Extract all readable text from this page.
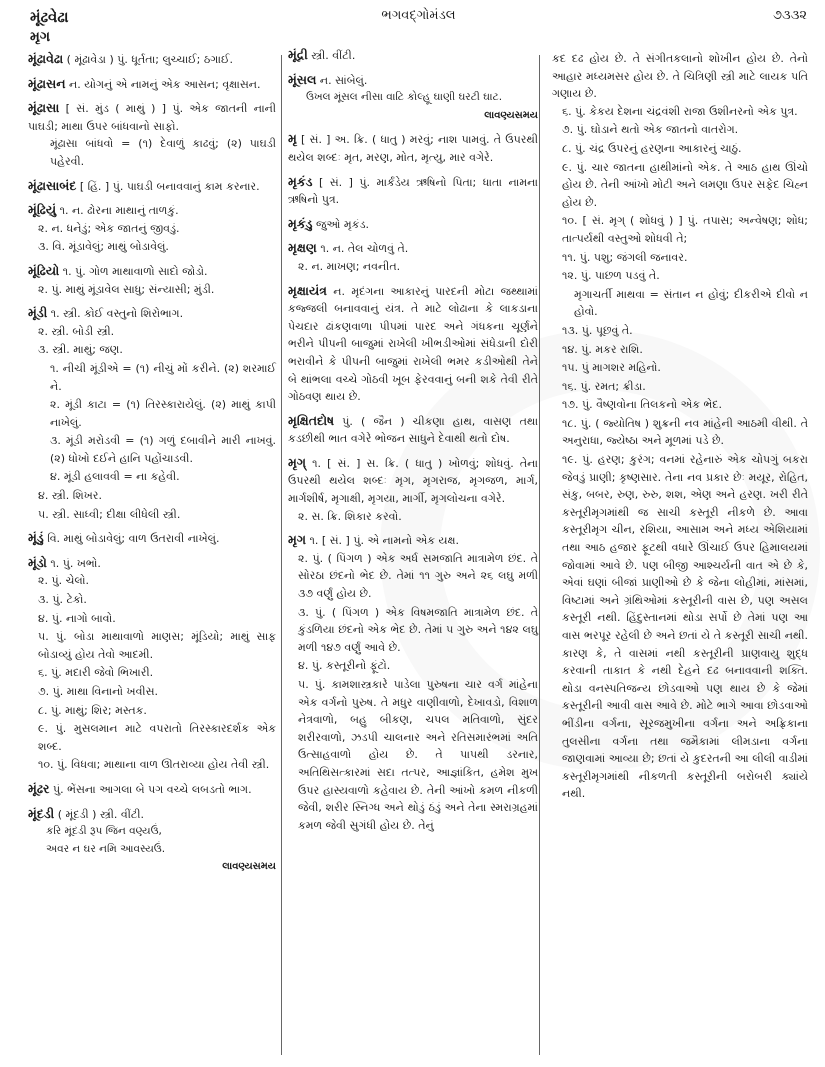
મૂંઢવેઢા	ભગવદ્ગોમંડલ	૭૩૩૨
મૃગ
મૂંઢાવેઢા ( મૂંઢાવેડા ) પું. ધૂર્તતા; લુચ્ચાઈ; ઠગાઈ.
મૂંઢાસન ન. યોગનું એ નામનું એક આસન; વૃક્ષાસન.
મૂંઢાસા [ સં. મુંડ ( માથું ) ] પું. એક જાતની નાની પાઘડી; માથા ઉપર બાંધવાનો સાફો.
મૂંઢાસા બાંધવો = (૧) દેવાળું કાઢવું; (૨) પાઘડી પહેરવી.
મૂંઢાસાબંદ [ હિં. ] પું. પાઘડી બનાવવાનું કામ કરનાર.
મૂંઢિયું ૧. ન. ઢોરના માથાનું તાળકું.
૨. ન. ધનેડું; એક જાતનું જીવડું.
૩. વિ. મૂંડાવેલું; માથું બોડાવેલું.
મૂંઢિયો ૧. પું. ગોળ માથાવાળો સાદો જોડો.
૨. પું. માથું મૂંડાવેલ સાધુ; સંન્યાસી; મુંડી.
મૂંડી ૧. સ્ત્રી. કોઈ વસ્તુનો શિરોભાગ.
૨. સ્ત્રી. બોડી સ્ત્રી.
૩. સ્ત્રી. માથું; જણ.
૧. નીચી મૂંડીએ = (૧) નીચું મોં કરીને. (૨) શરમાઈ ને.
૨. મૂંડી કાટા = (૧) તિરસ્કારાયેલું. (૨) માથું કાપી નાખેલું.
૩. મૂંડી મરોડવી = (૧) ગળું દબાવીને મારી નાખવું. (૨) ધોખો દઈને હાનિ પહોંચાડવી.
૪. મૂંડી હલાવવી = ના કહેવી.
૪. સ્ત્રી. શિખર.
૫. સ્ત્રી. સાધ્વી; દીક્ષા લીધેલી સ્ત્રી.
મૂંડું વિ. માથું બોડાવેલું; વાળ ઉતરાવી નાખેલું.
મૂંડો ૧. પું. ખભો.
૨. પું. ચેલો.
૩. પું. ટેકો.
૪. પું. નાગો બાવો.
૫. પું. બોડા માથાવાળો માણસ; મૂંડિયો; માથું સાફ બોડાવ્યું હોય તેવો આદમી.
૬. પું. મદારી જેવો ભિખારી.
૭. પું. માથા વિનાનો ખવીસ.
૮. પું. માથું; શિર; મસ્તક.
૯. પું. મુસલમાન માટે વપરાતો તિરસ્કારદર્શક એક શબ્દ.
૧૦. પું. વિધવા; માથાના વાળ ઊતરાવ્યા હોય તેવી સ્ત્રી.
મૂંઢર પું. ભેંસના આગલા બે પગ વચ્ચે લબડતો ભાગ.
મૂંદડી ( મૂંદડી ) સ્ત્રી. વીંટી.
કરિ મૂંદડી રૂપ જિન વણ્યઉં,
અવર ન ઘર નમિ આવસ્યઉં.
લાવણ્યસમય
મૂંદ્રી સ્ત્રી. વીંટી.
મૂંસલ ન. સાંબેલું.
ઉખલ મૂંસલ નીસા વાટિ કોલ્હૂ ઘાણી ઘરટી ઘાટ.
લાવણ્યસમય
મૃ [ સં. ] અ. ક્રિ. ( ધાતુ ) મરવું; નાશ પામવું. તે ઉપરથી થયેલ શબ્દઃ મૃત, મરણ, મોત, મૃત્યુ, માર વગેરે.
મૃકંડ [ સં. ] પું. માર્કંડેય ઋષિનો પિતા; ધાતા નામના ઋષિનો પુત્ર.
મૃકંડુ જુઓ મૃકંડ.
મૃક્ષણ ૧. ન. તેલ ચોળવું તે.
૨. ન. માખણ; નવનીત.
મૃક્ષાયંત્ર ન. મૃદંગના આકારનું પારદની મોટા જથ્થામાં કજ્જલી બનાવવાનું યંત્ર. તે માટે લોઢાના કે લાકડાના પેચદાર ઢાંકણવાળા પીપમાં પારદ અને ગંધકના ચૂર્ણને ભરીને પીપની બાજુમાં રાખેલી ખીભડીઓમાં સંધેડાની દોરી ભરાવીને કે પીપની બાજુમાં રાખેલી ભમર કડીઓથી તેને બે થાંભલા વચ્ચે ગોઠવી ખૂબ ફેરવવાનું બની શકે તેવી રીતે ગોઠવણ થાય છે.
મૃક્ષિતદોષ પું. ( જૈન ) ચીકણા હાથ, વાસણ તથા કડછીથી ભાત વગેરે ભોજન સાધુને દેવાથી થતો દોષ.
મૃગ્ ૧. [ સં. ] સ. ક્રિ. ( ધાતુ ) ખોળવું; શોધવું. તેના ઉપરથી થયેલ શબ્દઃ મૃગ, મૃગરાજ, મૃગજળ, માર્ગ, માર્ગશીર્ષ, મૃગાક્ષી, મૃગયા, માર્ગી, મૃગલોચના વગેરે.
૨. સ. ક્રિ. શિકાર કરવો.
મૃગ ૧. [ સં. ] પું. એ નામનો એક યક્ષ.
૨. પું. ( પિંગળ ) એક અર્ધ સમજાતિ માત્રામેળ છંદ. તે સોરઠા છંદનો ભેદ છે. તેમાં ૧૧ ગુરુ અને ૨૬ લઘુ મળી ૩૭ વર્ણું હોય છે.
૩. પું. ( પિંગળ ) એક વિષમજાતિ માત્રામેળ છંદ. તે કુંડળિયા છંદનો એક ભેદ છે. તેમાં ૫ ગુરુ અને ૧૪૨ લઘુ મળી ૧૪૭ વર્ણું આવે છે.
૪. પું. કસ્તૂરીનો ફૂંટો.
૫. પું. કામશાસ્ત્રકારે પાડેલા પુરુષના ચાર વર્ગ માંહેના એક વર્ગનો પુરુષ. તે મધુર વાણીવાળો, દેખાવડો, વિશાળ નેત્રવાળો, બહુ બીકણ, ચપલ મતિવાળો, સુંદર શરીરવાળો, ઝડપી ચાલનાર અને રતિસમારંભમાં અતિ ઉત્સાહવાળો હોય છે. તે પાપથી ડરનાર, અતિથિસત્કારમાં સદા તત્પર, આજ્ઞાંકિત, હમેશ મુખ ઉપર હાસ્યવાળો કહેવાય છે. તેની આંખો કમળ નીકળી જેવી, શરીર સ્નિગ્ધ અને થોડું ઠંડું અને તેના સ્મરાગ્રહમાં કમળ જેવી સુગંધી હોય છે. તેનું
કદ દઢ હોય છે. તે સંગીતકલાનો શોખીન હોય છે. તેનો આહાર મધ્યમસર હોય છે. તે ચિત્રિણી સ્ત્રી માટે લાયક પતિ ગણાય છે.
૬. પું. કેકય દેશના ચંદ્રવંશી રાજા ઉશીનરનો એક પુત્ર.
૭. પું. ઘોડાને થતો એક જાતનો વાતરોગ.
૮. પું. ચંદ્ર ઉપરનું હરણના આકારનું ચાઠું.
૯. પું. ચાર જાતના હાથીમાંનો એક. તે આઠ હાથ ઊંચો હોય છે. તેની આંખો મોટી અને લમણા ઉપર સફેદ ચિહ્ન હોય છે.
૧૦. [ સં. મૃગ્ ( શોધવું ) ] પું. તપાસ; અન્વેષણ; શોધ; તાત્પર્યથી વસ્તુઓ શોધવી તે;
૧૧. પું. પશુ; જંગલી જનાવર.
૧૨. પું. પાછળ પડવું તે.
મૃગાચર્તી માથવા = સંતાન ન હોવું; દીકરીએ દીવો ન હોવો.
૧૩. પું. પૂછવું તે.
૧૪. પું. મકર રાશિ.
૧૫. પું માગશર મહિનો.
૧૬. પું. રમત; ક્રીડા.
૧૭. પું. વૈષ્ણવોના તિલકનો એક ભેદ.
૧૮. પું. ( જ્યોતિષ ) શુક્રની નવ માંહેની આઠમી વીથી. તે અનુરાધા, જ્યેષ્ઠા અને મૂળમાં પડે છે.
૧૯. પું. હરણ; કુરંગ; વનમાં રહેનારું એક ચોપગું બકરા જેવડું પ્રાણી; કૃષ્ણસાર. તેના નવ પ્રકાર છેઃ મયૂર, રોહિત, સંકુ, બબર, રુણ, રુરુ, શશ, એણ અને હરણ. ખરી રીતે કસ્તૂરીમૃગમાંથી જ સાચી કસ્તૂરી નીકળે છે. આવા કસ્તૂરીમૃગ ચીન, રશિયા, આસામ અને મધ્ય એશિયામાં તથા આઠ હજાર ફૂટથી વધારે ઊંચાઈ ઉપર હિમાલયમાં જોવામાં આવે છે. પણ બીજી આશ્ચર્યની વાત એ છે કે, એવાં ઘણાં બીજાં પ્રાણીઓ છે કે જેના લોહીમાં, માંસમાં, વિષ્ટામાં અને ગ્રંથિઓમાં કસ્તૂરીની વાસ છે, પણ અસલ કસ્તૂરી નથી. હિંદુસ્તાનમાં થોડા સર્પો છે તેમાં પણ આ વાસ ભરપૂર રહેલી છે અને છતાં યે તે કસ્તૂરી સાચી નથી. કારણ કે, તે વાસમાં નથી કસ્તૂરીની પ્રાણવાયુ શુદ્ધ કરવાની તાકાત કે નથી દેહને દઢ બનાવવાની શક્તિ. થોડા વનસ્પતિજન્ય છોડવાઓ પણ થાય છે કે જેમાં કસ્તૂરીની આવી વાસ આવે છે. મોટે ભાગે આવા છોડવાઓ ભીંડીના વર્ગના, સૂરજમુખીના વર્ગના અને અફ્રિકાના તુલસીના વર્ગના તથા જમૈકામાં લીમડાના વર્ગના જાણવામાં આવ્યા છે; છતાં યે કુદરતની આ લીલી વાડીમાં કસ્તૂરીમૃગમાંથી નીકળતી કસ્તૂરીની બરોબરી ક્યાંયે નથી.
